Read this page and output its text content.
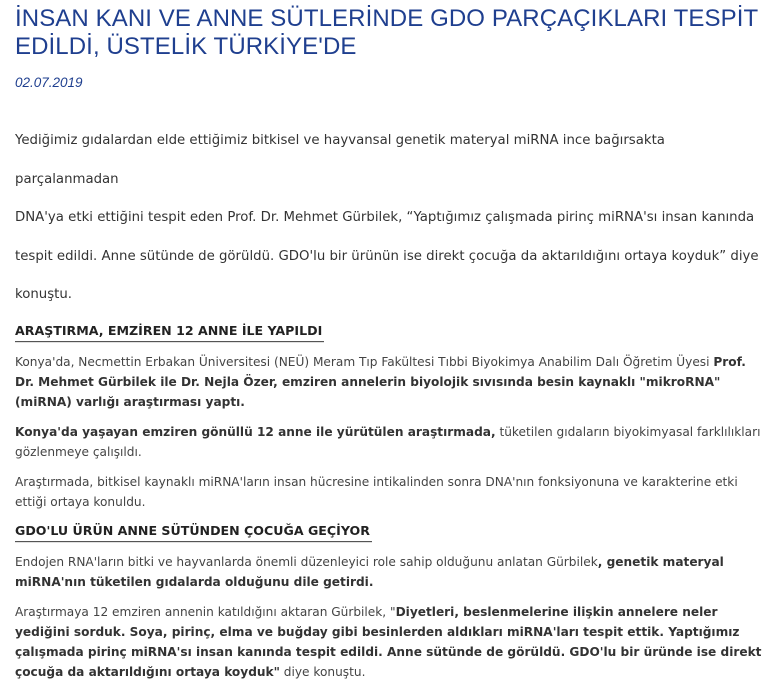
İNSAN KANI VE ANNE SÜTLERİNDE GDO PARÇAÇIKLARI TESPİT EDİLDİ, ÜSTELİK TÜRKİYE'DE
02.07.2019

Yediğimiz gıdalardan elde ettiğimiz bitkisel ve hayvansal genetik materyal miRNA ince bağırsakta parçalanmadan

DNA'ya etki ettiğini tespit eden Prof. Dr. Mehmet Gürbilek, “Yaptığımız çalışmada pirinç miRNA'sı insan kanında

tespit edildi. Anne sütünde de görüldü. GDO'lu bir ürünün ise direkt çocuğa da aktarıldığını ortaya koyduk” diye

konuştu.

ARAŞTIRMA, EMZİREN 12 ANNE İLE YAPILDI

Konya'da, Necmettin Erbakan Üniversitesi (NEÜ) Meram Tıp Fakültesi Tıbbi Biyokimya Anabilim Dalı Öğretim Üyesi Prof. Dr. Mehmet Gürbilek ile Dr. Nejla Özer, emziren annelerin biyolojik sıvısında besin kaynaklı "mikroRNA" (miRNA) varlığı araştırması yaptı.

Konya'da yaşayan emziren gönüllü 12 anne ile yürütülen araştırmada, tüketilen gıdaların biyokimyasal farklılıkları gözlenmeye çalışıldı.

Araştırmada, bitkisel kaynaklı miRNA'ların insan hücresine intikalinden sonra DNA'nın fonksiyonuna ve karakterine etki ettiği ortaya konuldu.

GDO'LU ÜRÜN ANNE SÜTÜNDEN ÇOCUĞA GEÇİYOR

Endojen RNA'ların bitki ve hayvanlarda önemli düzenleyici role sahip olduğunu anlatan Gürbilek, genetik materyal miRNA'nın tüketilen gıdalarda olduğunu dile getirdi.

Araştırmaya 12 emziren annenin katıldığını aktaran Gürbilek, "Diyetleri, beslenmelerine ilişkin annelere neler yediğini sorduk. Soya, pirinç, elma ve buğday gibi besinlerden aldıkları miRNA'ları tespit ettik. Yaptığımız çalışmada pirinç miRNA'sı insan kanında tespit edildi. Anne sütünde de görüldü. GDO'lu bir üründe ise direkt çocuğa da aktarıldığını ortaya koyduk" diye konuştu.
